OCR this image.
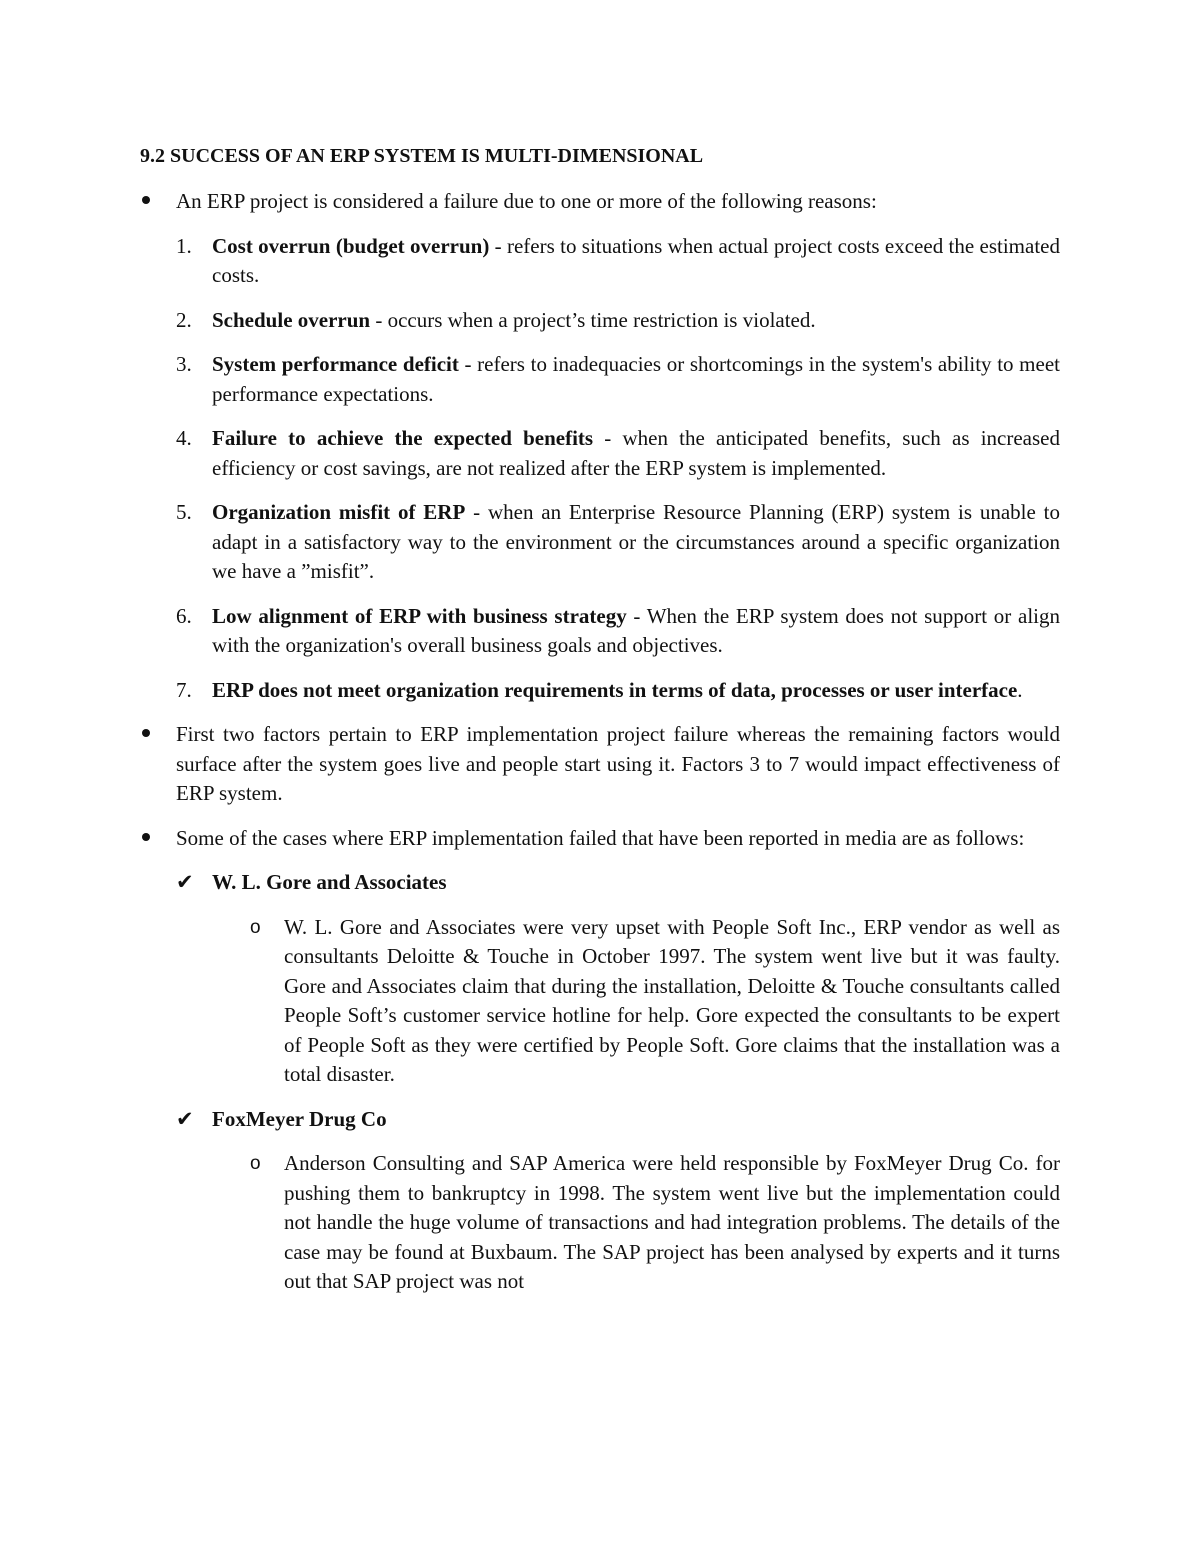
9.2 SUCCESS OF AN ERP SYSTEM IS MULTI-DIMENSIONAL
An ERP project is considered a failure due to one or more of the following reasons:
1. Cost overrun (budget overrun) - refers to situations when actual project costs exceed the estimated costs.
2. Schedule overrun - occurs when a project’s time restriction is violated.
3. System performance deficit - refers to inadequacies or shortcomings in the system's ability to meet performance expectations.
4. Failure to achieve the expected benefits - when the anticipated benefits, such as increased efficiency or cost savings, are not realized after the ERP system is implemented.
5. Organization misfit of ERP - when an Enterprise Resource Planning (ERP) system is unable to adapt in a satisfactory way to the environment or the circumstances around a specific organization we have a ”misfit”.
6. Low alignment of ERP with business strategy - When the ERP system does not support or align with the organization's overall business goals and objectives.
7. ERP does not meet organization requirements in terms of data, processes or user interface.
First two factors pertain to ERP implementation project failure whereas the remaining factors would surface after the system goes live and people start using it. Factors 3 to 7 would impact effectiveness of ERP system.
Some of the cases where ERP implementation failed that have been reported in media are as follows:
✔ W. L. Gore and Associates
o W. L. Gore and Associates were very upset with People Soft Inc., ERP vendor as well as consultants Deloitte & Touche in October 1997. The system went live but it was faulty. Gore and Associates claim that during the installation, Deloitte & Touche consultants called People Soft’s customer service hotline for help. Gore expected the consultants to be expert of People Soft as they were certified by People Soft. Gore claims that the installation was a total disaster.
✔ FoxMeyer Drug Co
o Anderson Consulting and SAP America were held responsible by FoxMeyer Drug Co. for pushing them to bankruptcy in 1998. The system went live but the implementation could not handle the huge volume of transactions and had integration problems. The details of the case may be found at Buxbaum. The SAP project has been analysed by experts and it turns out that SAP project was not
